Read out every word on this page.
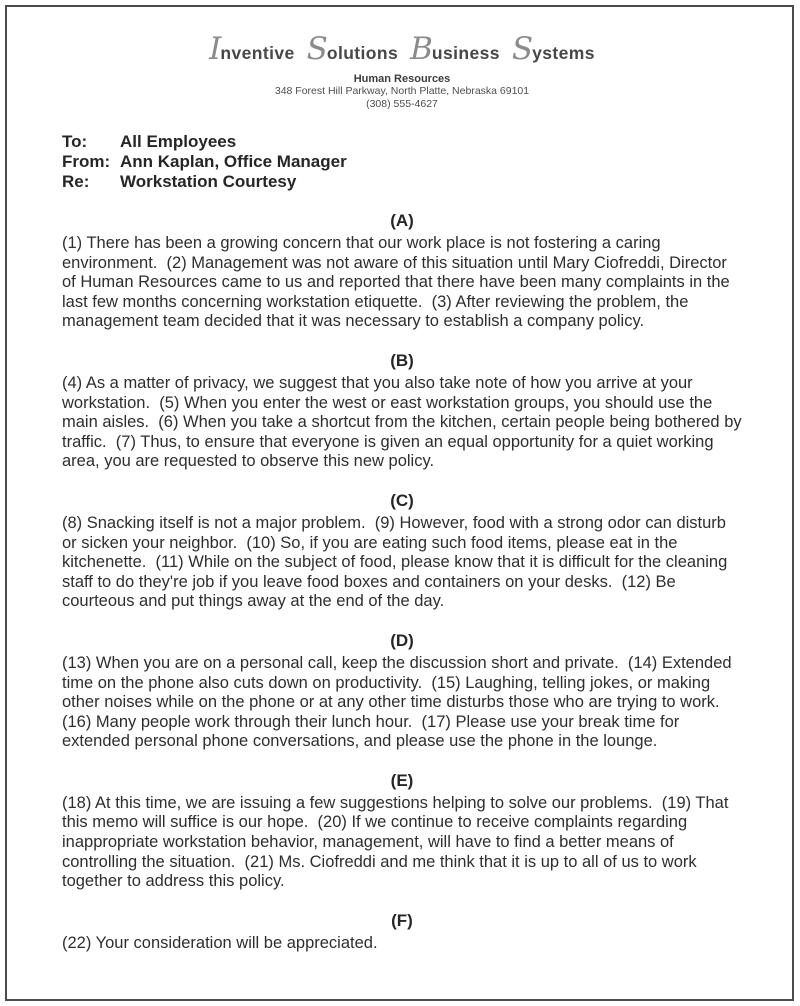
Inventive Solutions Business Systems
Human Resources
348 Forest Hill Parkway, North Platte, Nebraska 69101
(308) 555-4627
To:	All Employees
From: Ann Kaplan, Office Manager
Re:	Workstation Courtesy
(A)
(1) There has been a growing concern that our work place is not fostering a caring environment.  (2) Management was not aware of this situation until Mary Ciofreddi, Director of Human Resources came to us and reported that there have been many complaints in the last few months concerning workstation etiquette.  (3) After reviewing the problem, the management team decided that it was necessary to establish a company policy.
(B)
(4) As a matter of privacy, we suggest that you also take note of how you arrive at your workstation.  (5) When you enter the west or east workstation groups, you should use the main aisles.  (6) When you take a shortcut from the kitchen, certain people being bothered by traffic.  (7) Thus, to ensure that everyone is given an equal opportunity for a quiet working area, you are requested to observe this new policy.
(C)
(8) Snacking itself is not a major problem.  (9) However, food with a strong odor can disturb or sicken your neighbor.  (10) So, if you are eating such food items, please eat in the kitchenette.  (11) While on the subject of food, please know that it is difficult for the cleaning staff to do they're job if you leave food boxes and containers on your desks.  (12) Be courteous and put things away at the end of the day.
(D)
(13) When you are on a personal call, keep the discussion short and private.  (14) Extended time on the phone also cuts down on productivity.  (15) Laughing, telling jokes, or making other noises while on the phone or at any other time disturbs those who are trying to work.  (16) Many people work through their lunch hour.  (17) Please use your break time for extended personal phone conversations, and please use the phone in the lounge.
(E)
(18) At this time, we are issuing a few suggestions helping to solve our problems.  (19) That this memo will suffice is our hope.  (20) If we continue to receive complaints regarding inappropriate workstation behavior, management, will have to find a better means of controlling the situation.  (21) Ms. Ciofreddi and me think that it is up to all of us to work together to address this policy.
(F)
(22) Your consideration will be appreciated.
